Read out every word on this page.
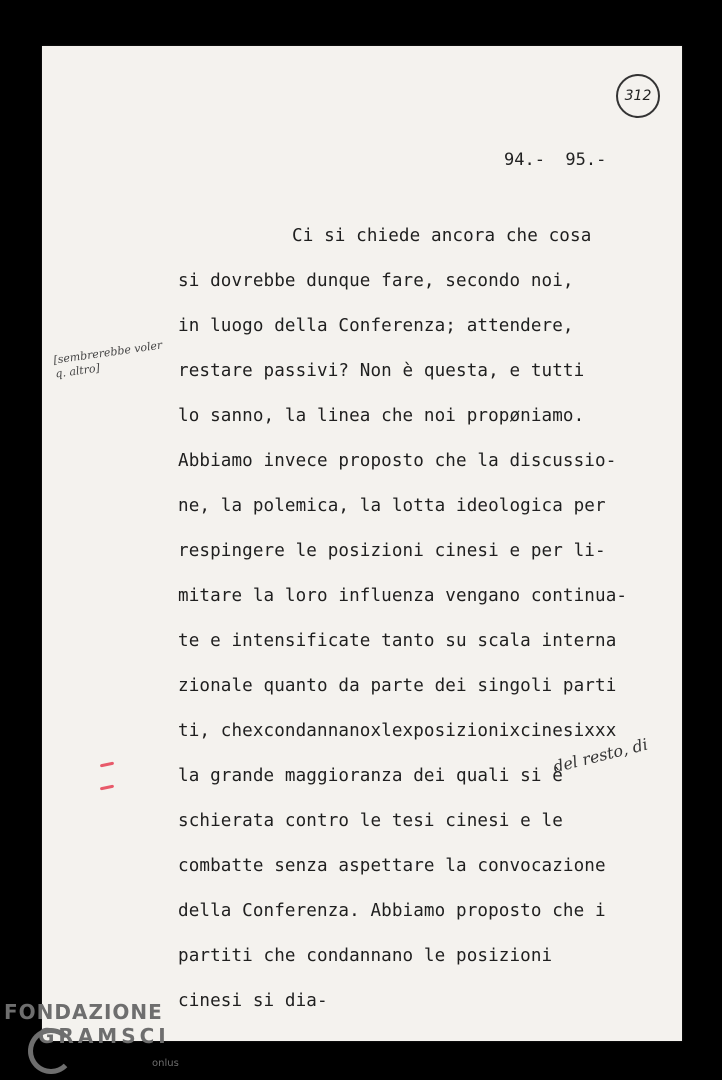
312
94.-  95.-
Ci si chiede ancora che cosa
si dovrebbe dunque fare, secondo noi,
in luogo della Conferenza; attendere,
restare passivi? Non è questa, e tutti
lo sanno, la linea che noi propøniamo.
Abbiamo invece proposto che la discussio-
ne, la polemica, la lotta ideologica per
respingere le posizioni cinesi e per li-
mitare la loro influenza vengano continua-
te e intensificate tanto su scala interna
zionale quanto da parte dei singoli parti
ti, chexcondannanoxlexposizionixcinesixxx
la grande maggioranza dei quali si è
schierata contro le tesi cinesi e le
combatte senza aspettare la convocazione
della Conferenza. Abbiamo proposto che i
partiti che condannano le posizioni
cinesi si dia-
[sembrerebbe voler q. altro]
del resto, di
FONDAZIONE
GRAMSCI
onlus
